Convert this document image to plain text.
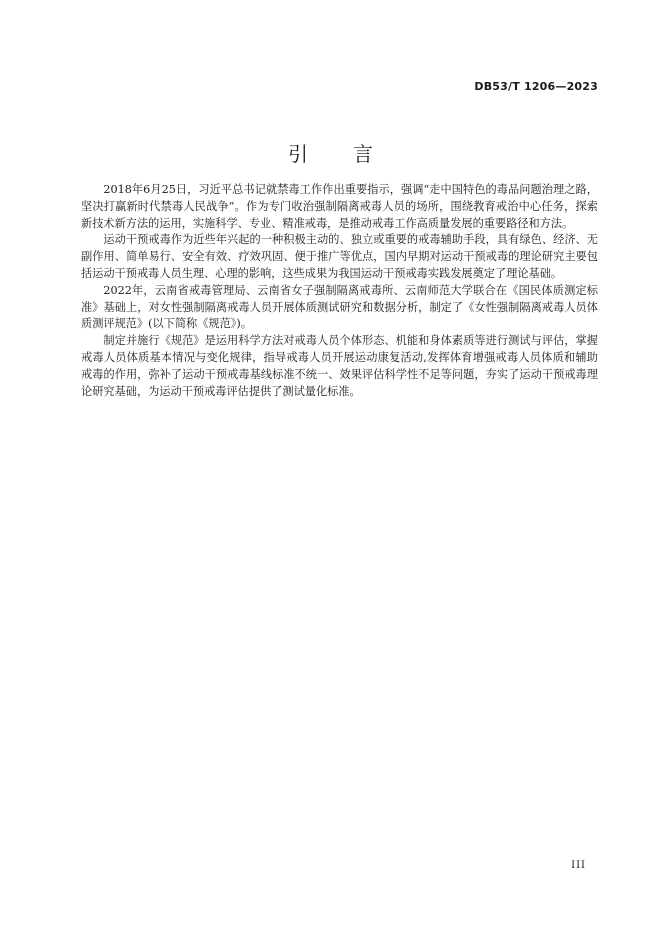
DB53/T 1206—2023
引 言

2018年6月25日，习近平总书记就禁毒工作作出重要指示，强调“走中国特色的毒品问题治理之路，坚决打赢新时代禁毒人民战争”。作为专门收治强制隔离戒毒人员的场所，围绕教育戒治中心任务，探索新技术新方法的运用，实施科学、专业、精准戒毒，是推动戒毒工作高质量发展的重要路径和方法。

运动干预戒毒作为近些年兴起的一种积极主动的、独立或重要的戒毒辅助手段，具有绿色、经济、无副作用、简单易行、安全有效、疗效巩固、便于推广等优点，国内早期对运动干预戒毒的理论研究主要包括运动干预戒毒人员生理、心理的影响，这些成果为我国运动干预戒毒实践发展奠定了理论基础。

2022年，云南省戒毒管理局、云南省女子强制隔离戒毒所、云南师范大学联合在《国民体质测定标准》基础上，对女性强制隔离戒毒人员开展体质测试研究和数据分析，制定了《女性强制隔离戒毒人员体质测评规范》(以下简称《规范》)。

制定并施行《规范》是运用科学方法对戒毒人员个体形态、机能和身体素质等进行测试与评估，掌握戒毒人员体质基本情况与变化规律，指导戒毒人员开展运动康复活动,发挥体育增强戒毒人员体质和辅助戒毒的作用，弥补了运动干预戒毒基线标准不统一、效果评估科学性不足等问题，夯实了运动干预戒毒理论研究基础，为运动干预戒毒评估提供了测试量化标准。

III
